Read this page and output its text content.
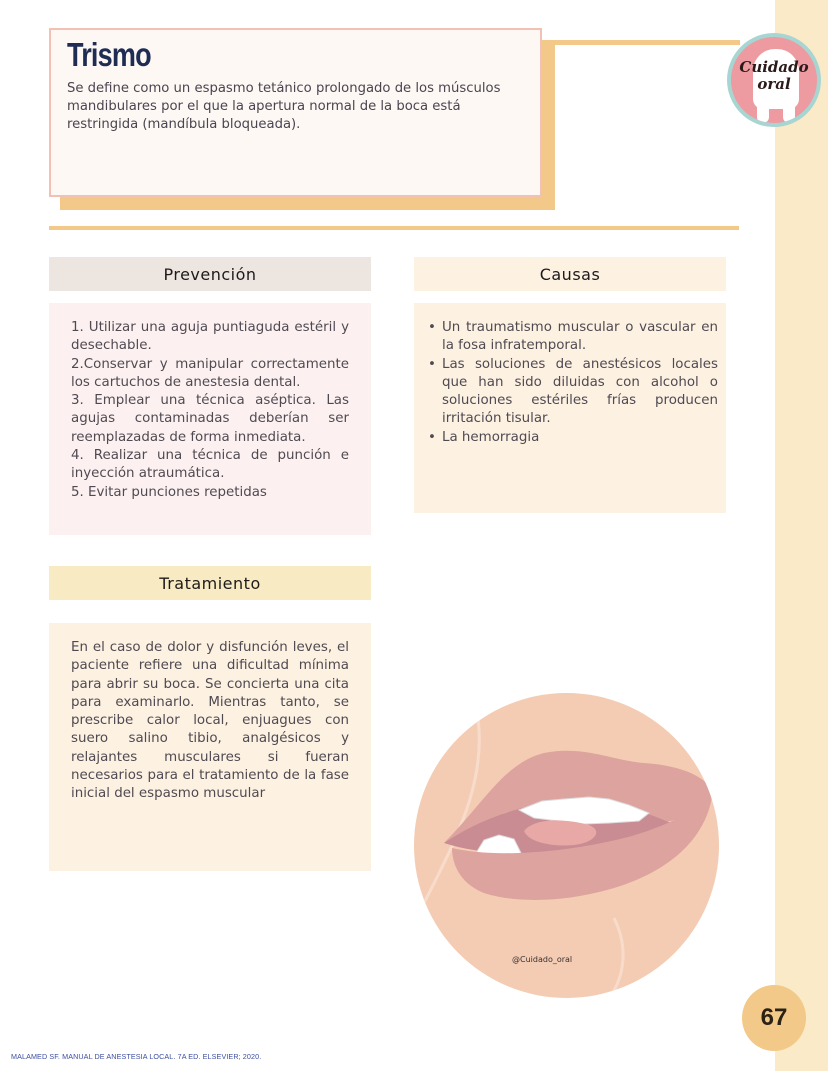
Trismo
Se define como un espasmo tetánico prolongado de los músculos mandibulares por el que la apertura normal de la boca está restringida (mandíbula bloqueada).
Cuidado
oral
Prevención
1. Utilizar una aguja puntiaguda estéril y desechable.
2.Conservar y manipular correctamente los cartuchos de anestesia dental.
3. Emplear una técnica aséptica. Las agujas contaminadas deberían ser reemplazadas de forma inmediata.
4. Realizar una técnica de punción e inyección atraumática.
5. Evitar punciones repetidas
Causas
• Un traumatismo muscular o vascular en la fosa infratemporal.
• Las soluciones de anestésicos locales que han sido diluidas con alcohol o soluciones estériles frías producen irritación tisular.
• La hemorragia
Tratamiento
En el caso de dolor y disfunción leves, el paciente refiere una dificultad mínima para abrir su boca. Se concierta una cita para examinarlo. Mientras tanto, se prescribe calor local, enjuagues con suero salino tibio, analgésicos y relajantes musculares si fueran necesarios para el tratamiento de la fase inicial del espasmo muscular
@Cuidado_oral
67
MALAMED SF. MANUAL DE ANESTESIA LOCAL. 7A ED. ELSEVIER; 2020.
